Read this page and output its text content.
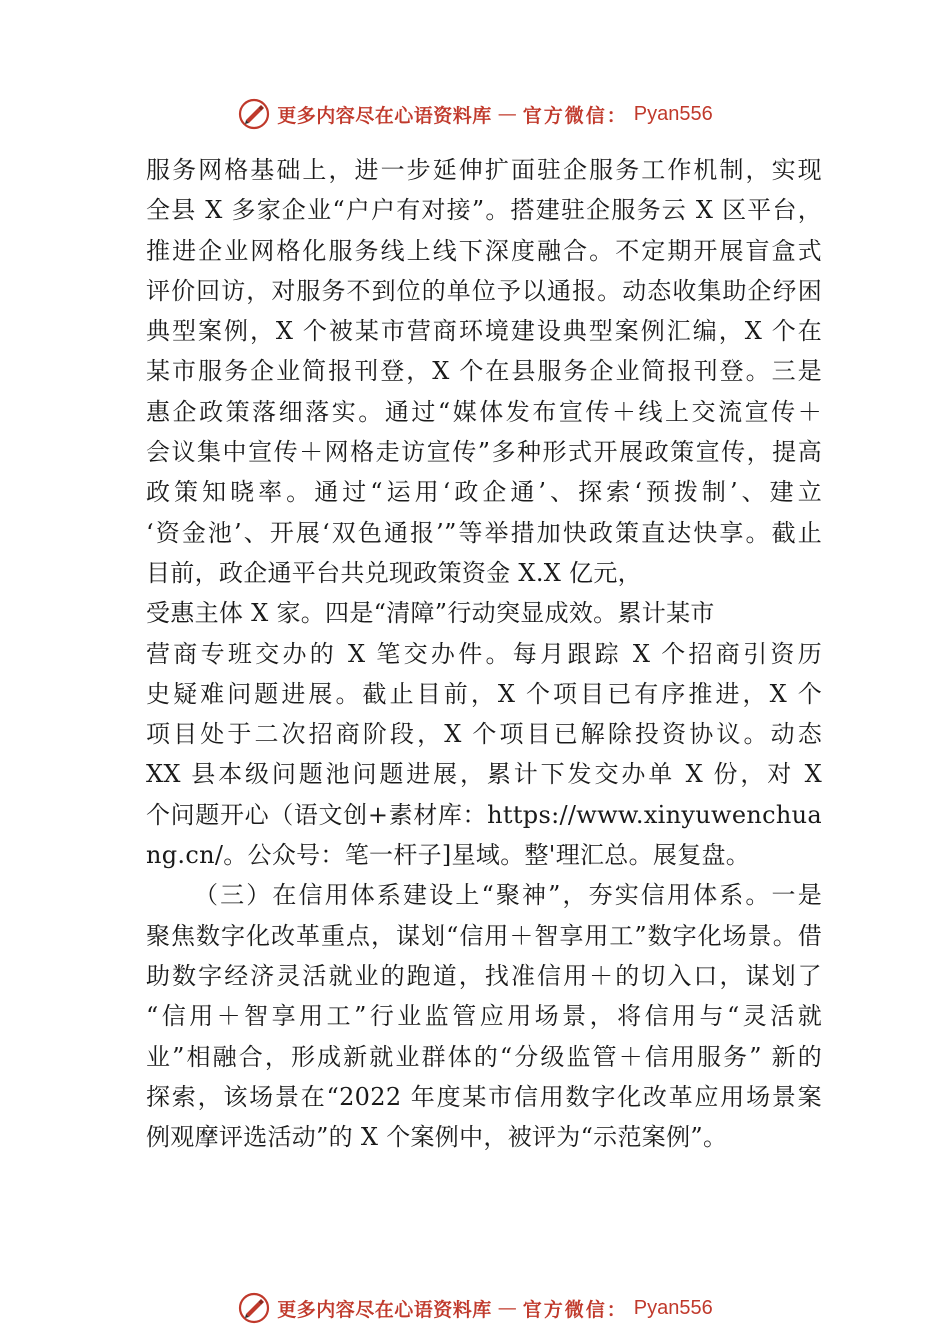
更多内容尽在心语资料库 — 官方微信： Pyan556
服务网格基础上，进一步延伸扩面驻企服务工作机制，实现
全县 X 多家企业“户户有对接”。搭建驻企服务云 X 区平台，
推进企业网格化服务线上线下深度融合。不定期开展盲盒式
评价回访，对服务不到位的单位予以通报。动态收集助企纾困
典型案例，X 个被某市营商环境建设典型案例汇编，X 个在
某市服务企业简报刊登，X 个在县服务企业简报刊登。三是
惠企政策落细落实。通过“媒体发布宣传＋线上交流宣传＋
会议集中宣传＋网格走访宣传”多种形式开展政策宣传，提高
政策知晓率。通过“运用‘政企通’、探索‘预拨制’、建立
‘资金池’、开展‘双色通报’”等举措加快政策直达快享。截止
目前，政企通平台共兑现政策资金 X.X 亿元，
受惠主体 X 家。四是“清障”行动突显成效。累计某市
营商专班交办的 X 笔交办件。每月跟踪 X 个招商引资历
史疑难问题进展。截止目前，X 个项目已有序推进，X 个
项目处于二次招商阶段，X 个项目已解除投资协议。动态
XX 县本级问题池问题进展，累计下发交办单 X 份，对 X
个问题开心（语文创+素材库：https://www.xinyuwenchua
ng.cn/。公众号：笔一杆子]星域。整'理汇总。展复盘。
（三）在信用体系建设上“聚神”，夯实信用体系。一是
聚焦数字化改革重点，谋划“信用＋智享用工”数字化场景。借
助数字经济灵活就业的跑道，找准信用＋的切入口，谋划了
“信用＋智享用工”行业监管应用场景，将信用与“灵活就
业”相融合，形成新就业群体的“分级监管＋信用服务” 新的
探索，该场景在“2022 年度某市信用数字化改革应用场景案
例观摩评选活动”的 X 个案例中，被评为“示范案例”。
更多内容尽在心语资料库 — 官方微信： Pyan556
